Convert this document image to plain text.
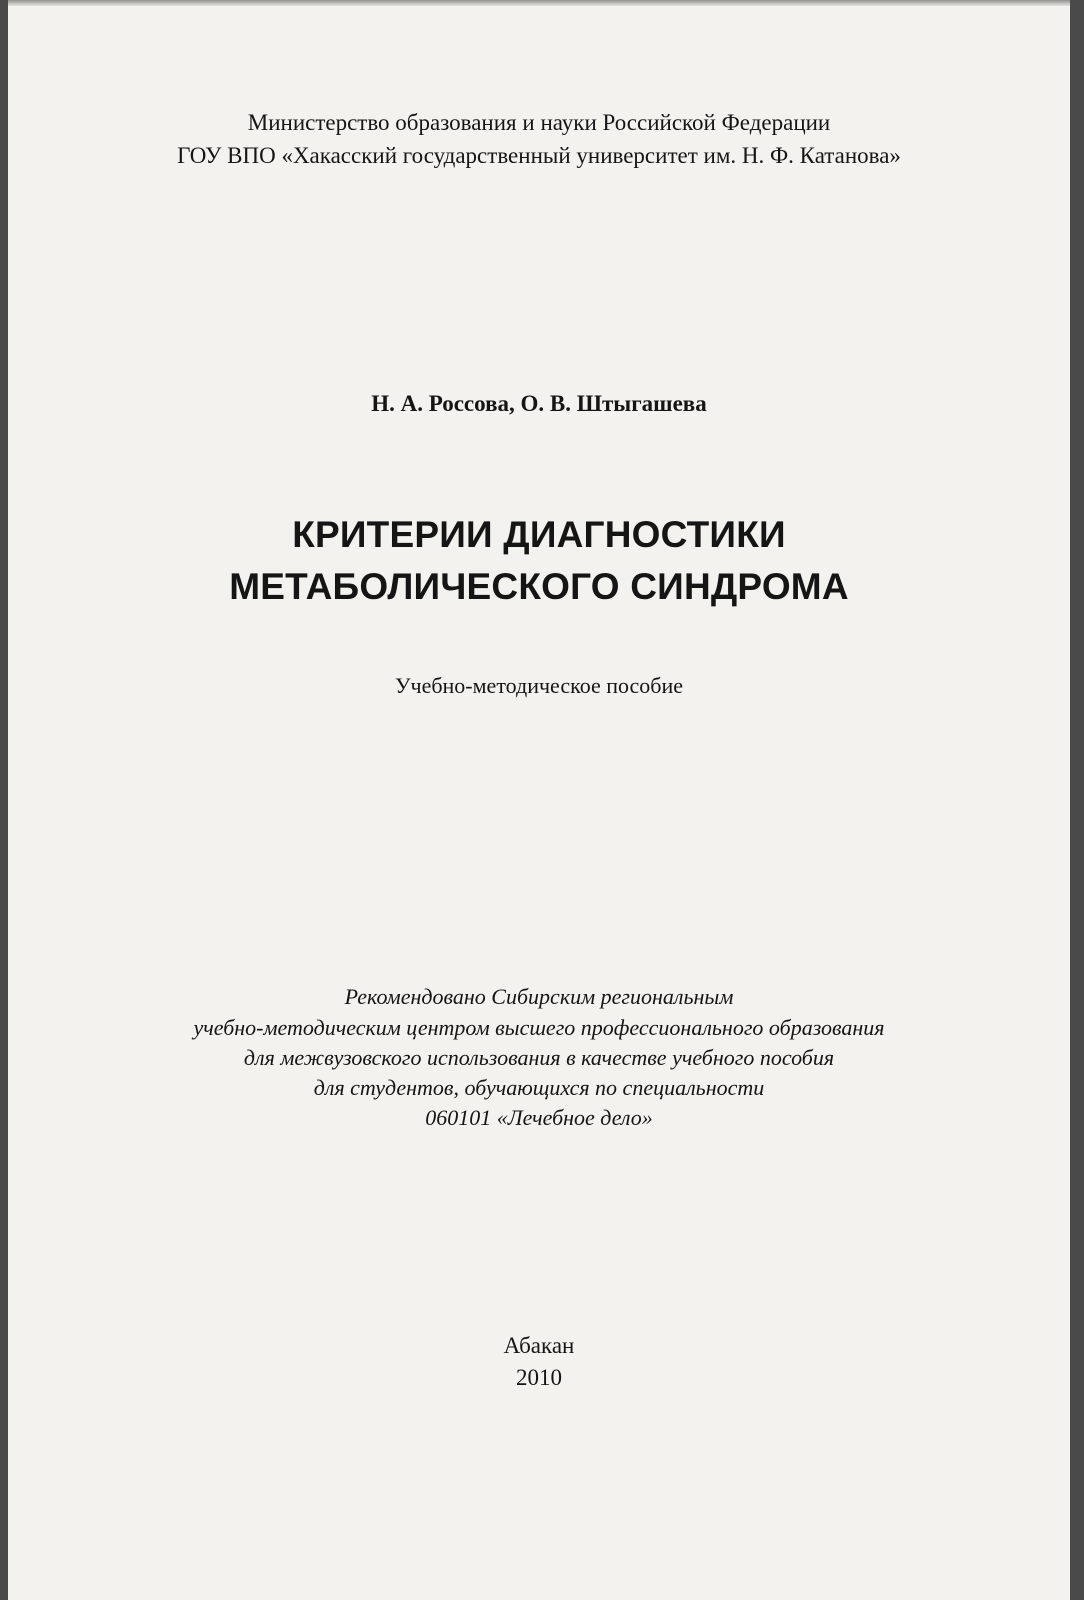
Министерство образования и науки Российской Федерации

ГОУ ВПО «Хакасский государственный университет им. Н. Ф. Катанова»

Н. А. Россова, О. В. Штыгашева

КРИТЕРИИ ДИАГНОСТИКИ
МЕТАБОЛИЧЕСКОГО СИНДРОМА

Учебно-методическое пособие

Рекомендовано Сибирским региональным

учебно-методическим центром высшего профессионального образования

для межвузовского использования в качестве учебного пособия

для студентов, обучающихся по специальности

060101 «Лечебное дело»

Абакан

2010
